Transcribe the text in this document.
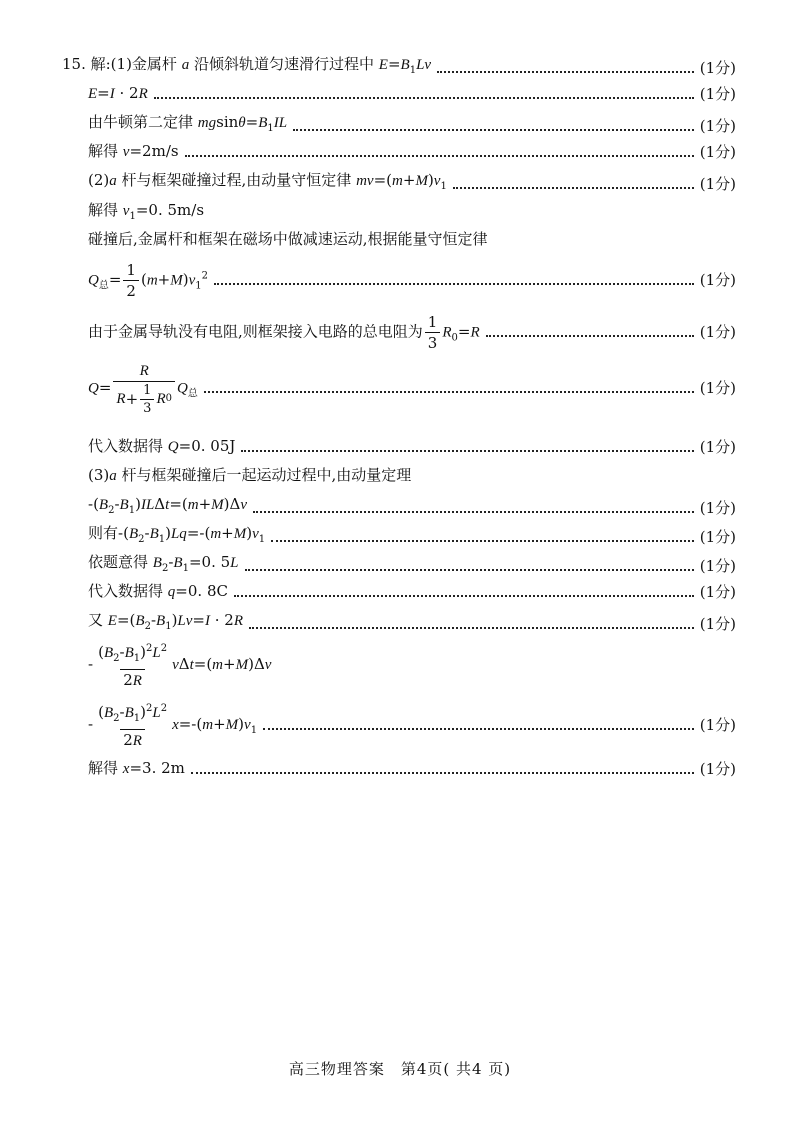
15. 解:(1)金属杆 a 沿倾斜轨道匀速滑行过程中 $E=B_1Lv$	(1分)
E=I · 2R	(1分)
由牛顿第二定律 $mgsin\theta=B_1IL$	(1分)
解得 v=2m/s	(1分)
(2)a 杆与框架碰撞过程,由动量守恒定律 $mv=(m+M)v_1$	(1分)
解得 $v_1=0$. 5m/s
碰撞后,金属杆和框架在磁场中做减速运动,根据能量守恒定律
$Q_总= \frac{1}{2} (m+M)v_1^2$	(1分)
由于金属导轨没有电阻,则框架接入电路的总电阻为 $\frac{1}{3} R_0=R$	(1分)
$Q= \frac{R}{R + \frac{1}{3} R 0} Q_总$	(1分)
代入数据得 Q=0. 05J	(1分)
(3)a 杆与框架碰撞后一起运动过程中,由动量定理
$-(B_2-B_1)IL\Delta t=(m+M)\Delta v$	(1分)
则有$-(B_2-B_1)Lq=-(m+M)v_1$	(1分)
依题意得 $B_2-B_1=0$. 5L	(1分)
代入数据得 q=0. 8C	(1分)
又 $E=(B_2-B_1)Lv=I \cdot 2R$	(1分)
- $\frac{(B_2-B_1)^2L^2}{2R} v\Delta t=(m+M)\Delta v$
- $\frac{(B_2-B_1)^2L^2}{2R} x=-(m+M)v_1$	(1分)
解得 x=3. 2m	(1分)
高三物理答案　第4页( 共4 页)
